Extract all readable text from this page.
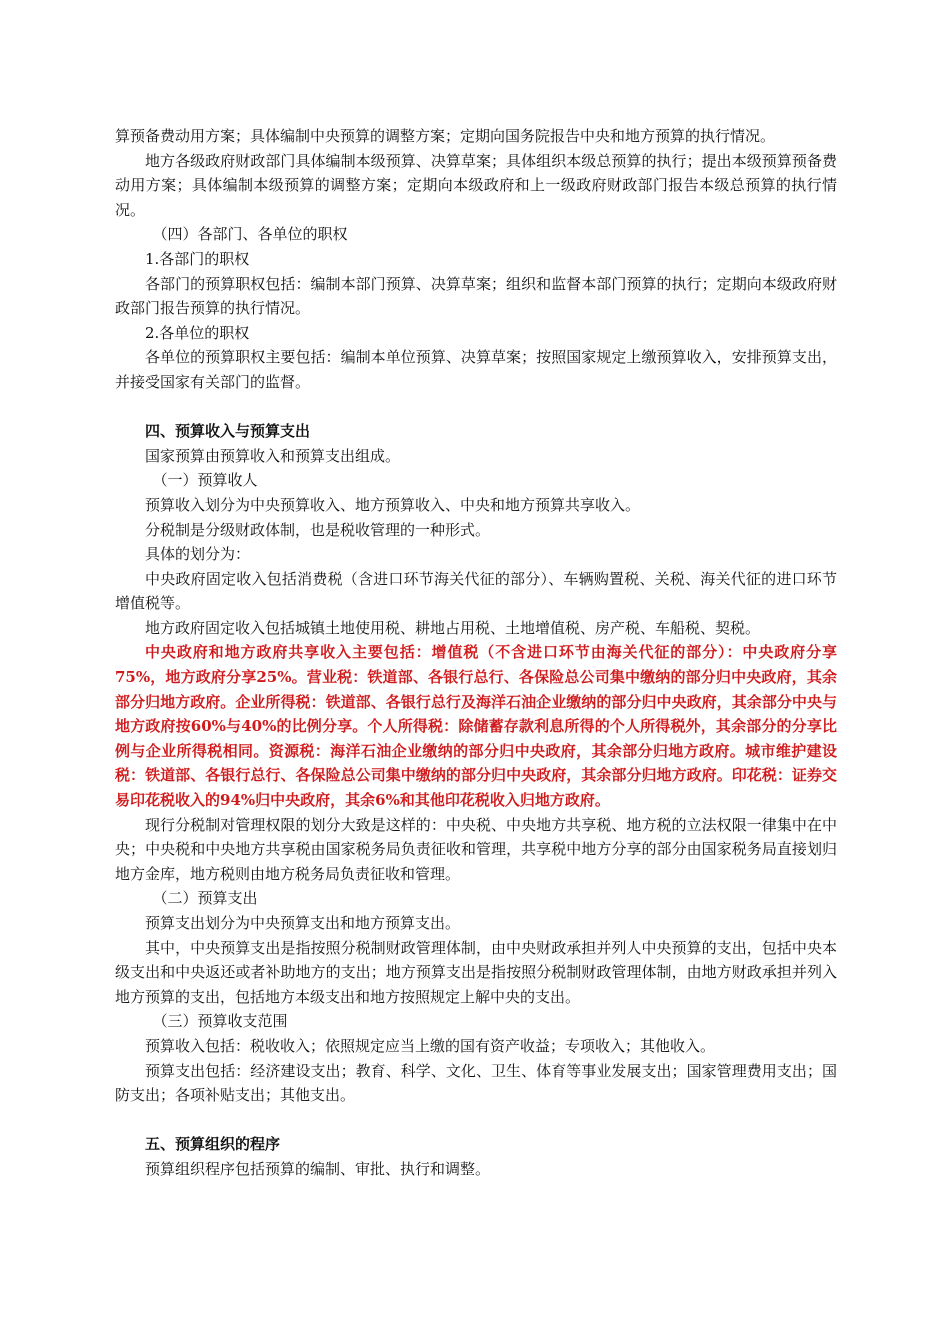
算预备费动用方案；具体编制中央预算的调整方案；定期向国务院报告中央和地方预算的执行情况。

地方各级政府财政部门具体编制本级预算、决算草案；具体组织本级总预算的执行；提出本级预算预备费动用方案；具体编制本级预算的调整方案；定期向本级政府和上一级政府财政部门报告本级总预算的执行情况。

（四）各部门、各单位的职权

1.各部门的职权

各部门的预算职权包括：编制本部门预算、决算草案；组织和监督本部门预算的执行；定期向本级政府财政部门报告预算的执行情况。

2.各单位的职权

各单位的预算职权主要包括：编制本单位预算、决算草案；按照国家规定上缴预算收入，安排预算支出，并接受国家有关部门的监督。

四、预算收入与预算支出

国家预算由预算收入和预算支出组成。

（一）预算收人

预算收入划分为中央预算收入、地方预算收入、中央和地方预算共享收入。

分税制是分级财政体制，也是税收管理的一种形式。

具体的划分为：

中央政府固定收入包括消费税（含进口环节海关代征的部分）、车辆购置税、关税、海关代征的进口环节增值税等。

地方政府固定收入包括城镇土地使用税、耕地占用税、土地增值税、房产税、车船税、契税。

中央政府和地方政府共享收入主要包括：增值税（不含进口环节由海关代征的部分）：中央政府分享75%，地方政府分享25%。营业税：铁道部、各银行总行、各保险总公司集中缴纳的部分归中央政府，其余部分归地方政府。企业所得税：铁道部、各银行总行及海洋石油企业缴纳的部分归中央政府，其余部分中央与地方政府按60%与40%的比例分享。个人所得税：除储蓄存款利息所得的个人所得税外，其余部分的分享比例与企业所得税相同。资源税：海洋石油企业缴纳的部分归中央政府，其余部分归地方政府。城市维护建设税：铁道部、各银行总行、各保险总公司集中缴纳的部分归中央政府，其余部分归地方政府。印花税：证券交易印花税收入的94%归中央政府，其余6%和其他印花税收入归地方政府。

现行分税制对管理权限的划分大致是这样的：中央税、中央地方共享税、地方税的立法权限一律集中在中央；中央税和中央地方共享税由国家税务局负责征收和管理，共享税中地方分享的部分由国家税务局直接划归地方金库，地方税则由地方税务局负责征收和管理。

（二）预算支出

预算支出划分为中央预算支出和地方预算支出。

其中，中央预算支出是指按照分税制财政管理体制，由中央财政承担并列人中央预算的支出，包括中央本级支出和中央返还或者补助地方的支出；地方预算支出是指按照分税制财政管理体制，由地方财政承担并列入地方预算的支出，包括地方本级支出和地方按照规定上解中央的支出。

（三）预算收支范围

预算收入包括：税收收入；依照规定应当上缴的国有资产收益；专项收入；其他收入。

预算支出包括：经济建设支出；教育、科学、文化、卫生、体育等事业发展支出；国家管理费用支出；国防支出；各项补贴支出；其他支出。

五、预算组织的程序

预算组织程序包括预算的编制、审批、执行和调整。
